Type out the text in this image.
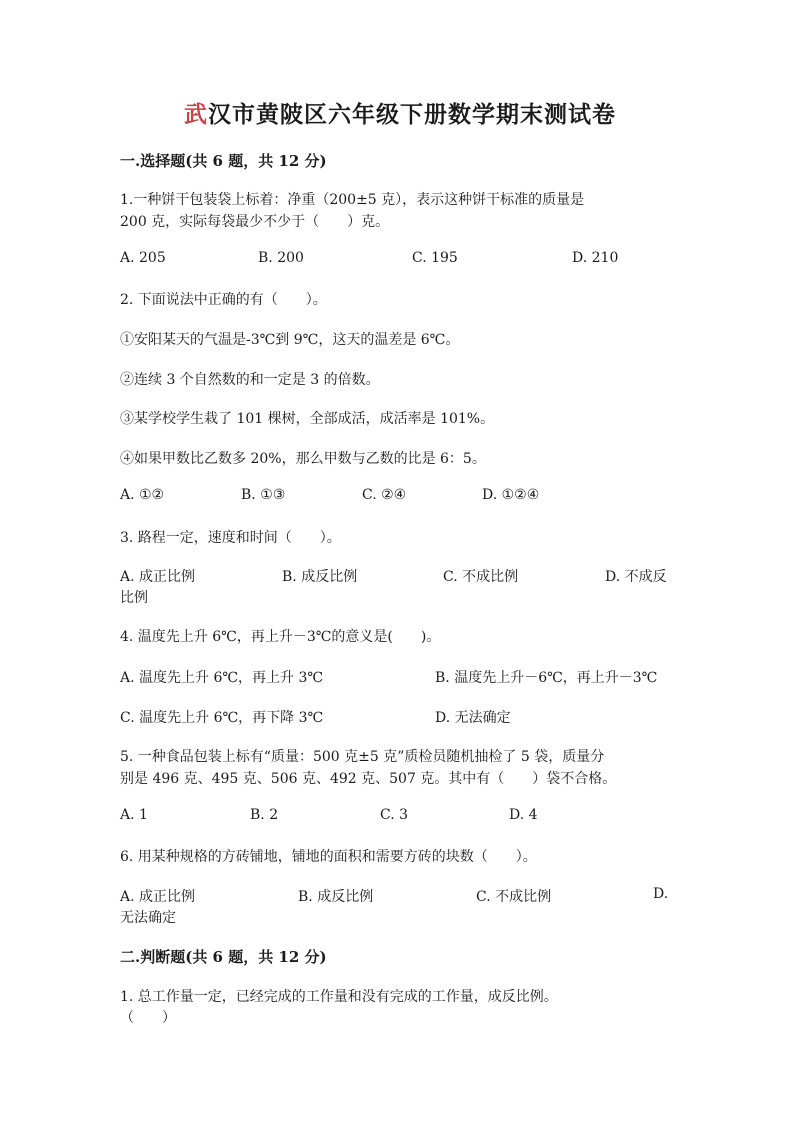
武汉市黄陂区六年级下册数学期末测试卷
一.选择题(共 6 题，共 12 分)
1.一种饼干包装袋上标着：净重（200±5 克），表示这种饼干标准的质量是
200 克，实际每袋最少不少于（　　）克。
A. 205	B. 200	C. 195	D. 210
2. 下面说法中正确的有（　　）。
①安阳某天的气温是-3℃到 9℃，这天的温差是 6℃。
②连续 3 个自然数的和一定是 3 的倍数。
③某学校学生栽了 101 棵树，全部成活，成活率是 101%。
④如果甲数比乙数多 20%，那么甲数与乙数的比是 6：5。
A. ①②	B. ①③	C. ②④	D. ①②④
3. 路程一定，速度和时间（　　）。
A. 成正比例	B. 成反比例	C. 不成比例	D. 不成反
比例
4. 温度先上升 6℃，再上升－3℃的意义是(　　)。
A. 温度先上升 6℃，再上升 3℃	B. 温度先上升－6℃，再上升－3℃
C. 温度先上升 6℃，再下降 3℃	D. 无法确定
5. 一种食品包装上标有“质量：500 克±5 克”质检员随机抽检了 5 袋，质量分
别是 496 克、495 克、506 克、492 克、507 克。其中有（　　）袋不合格。
A. 1	B. 2	C. 3	D. 4
6. 用某种规格的方砖铺地，铺地的面积和需要方砖的块数（　　）。
A. 成正比例	B. 成反比例	C. 不成比例	D.
无法确定
二.判断题(共 6 题，共 12 分)
1. 总工作量一定，已经完成的工作量和没有完成的工作量，成反比例。
（　　）
